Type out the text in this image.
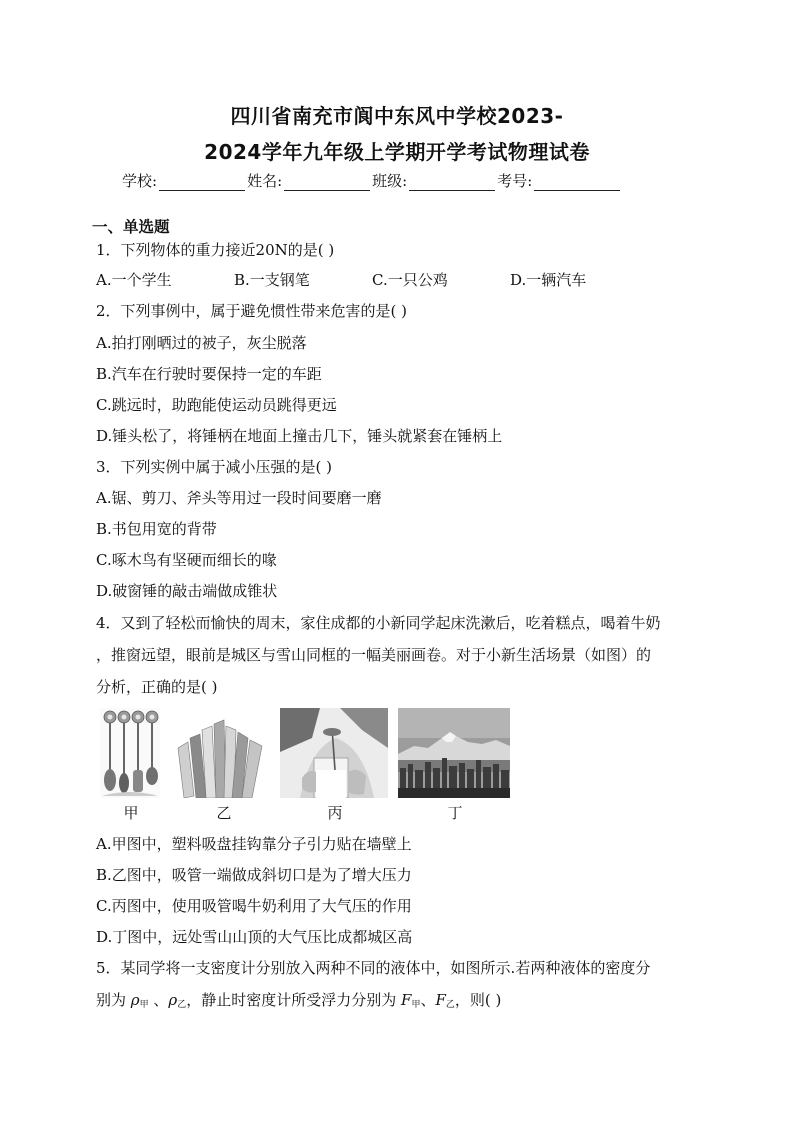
四川省南充市阆中东风中学校2023-
2024学年九年级上学期开学考试物理试卷
学校:	姓名:	班级:	考号:
一、单选题
1．下列物体的重力接近20N的是( )
A.一个学生	B.一支钢笔	C.一只公鸡	D.一辆汽车
2．下列事例中，属于避免惯性带来危害的是( )
A.拍打刚晒过的被子，灰尘脱落
B.汽车在行驶时要保持一定的车距
C.跳远时，助跑能使运动员跳得更远
D.锤头松了，将锤柄在地面上撞击几下，锤头就紧套在锤柄上
3．下列实例中属于减小压强的是( )
A.锯、剪刀、斧头等用过一段时间要磨一磨
B.书包用宽的背带
C.啄木鸟有坚硬而细长的喙
D.破窗锤的敲击端做成锥状
4．又到了轻松而愉快的周末，家住成都的小新同学起床洗漱后，吃着糕点，喝着牛奶
，推窗远望，眼前是城区与雪山同框的一幅美丽画卷。对于小新生活场景（如图）的
分析，正确的是( )
甲	乙	丙	丁
A.甲图中，塑料吸盘挂钩靠分子引力贴在墙壁上
B.乙图中，吸管一端做成斜切口是为了增大压力
C.丙图中，使用吸管喝牛奶利用了大气压的作用
D.丁图中，远处雪山山顶的大气压比成都城区高
5．某同学将一支密度计分别放入两种不同的液体中，如图所示.若两种液体的密度分
别为 $\rho_甲$ 、$\rho_乙$，静止时密度计所受浮力分别为 $F_甲$、$F_乙$，则( )
